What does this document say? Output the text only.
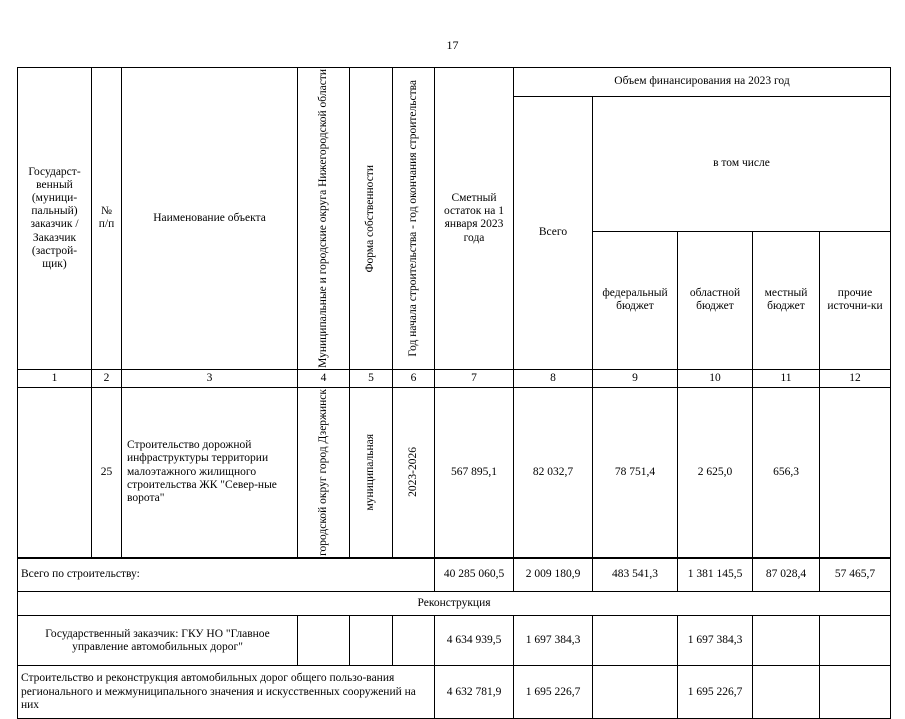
17
Государст-венный (муници-пальный) заказчик / Заказчик (застрой-щик)	№ п/п	Наименование объекта	Муниципальные и городские округа Нижегородской области	Форма собственности	Год начала строительства - год окончания строительства	Сметный остаток на 1 января 2023 года	Объем финансирования на 2023 год				
							Всего	в том числе			
								федеральный бюджет	областной бюджет	местный бюджет	прочие источни-ки
1	2	3	4	5	6	7	8	9	10	11	12
	25	Строительство дорожной инфраструктуры территории малоэтажного жилищного строительства ЖК "Север-ные ворота"	городской округ город Дзержинск	муниципальная	2023-2026	567 895,1	82 032,7	78 751,4	2 625,0	656,3	
Всего по строительству:						40 285 060,5	2 009 180,9	483 541,3	1 381 145,5	87 028,4	57 465,7
Реконструкция											
Государственный заказчик: ГКУ НО "Главное управление автомобильных дорог"						4 634 939,5	1 697 384,3		1 697 384,3		
Строительство и реконструкция автомобильных дорог общего пользо-вания регионального и межмуниципального значения и искусственных сооружений на них						4 632 781,9	1 695 226,7		1 695 226,7		
